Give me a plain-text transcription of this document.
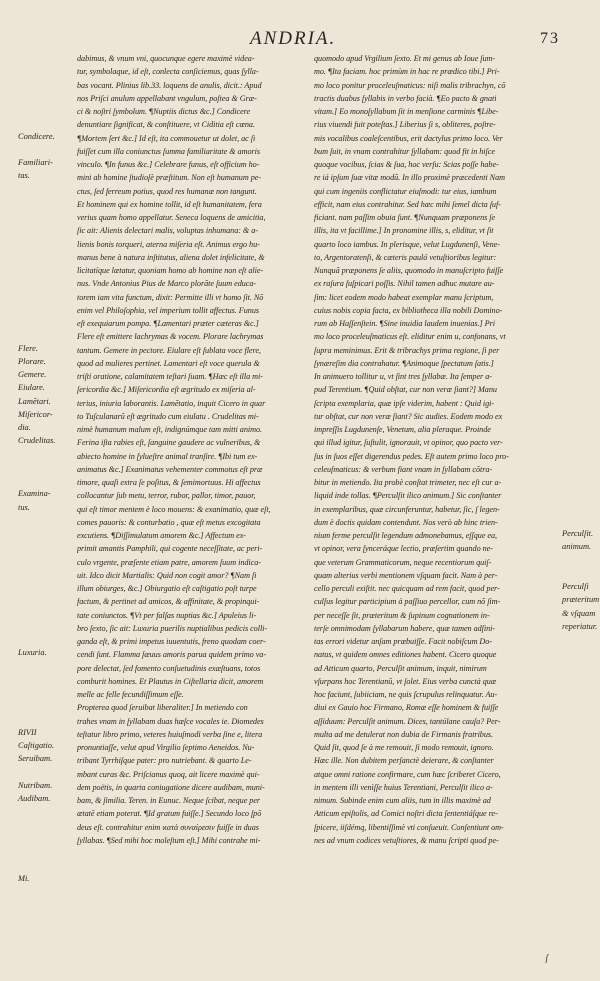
ANDRIA.	73
Condicere.
Familiari-
tas.
Flere.
Plorare.
Gemere.
Eiulare.
Lamẽtari.
Miſericor-
dia.
Crudelitas.
Examina-
tus.
Luxuria.
RIVII
Caſtigatio.
Seruibam.
Nutribam.
Audibam.
Mi.
dabimus, & vnum vni, quocunque egere maximè videa-
tur, symbolaque, id eſt, conlecta conſiciemus, quas ſylla-
bas vocant. Plinius lib.33. loquens de anulis, dicit.: Apud
nos Priſci anulum appellabant vngulum, poſtea & Græ-
ci & noſtri ſymbolum. ¶Nuptiis dictus &c.] Condicere
denuntiare ſignificat, & conſtituere, vt Ciditia eſt cœna.
¶Mortem ſert &c.] Id eſt, ita commouetur ut dolet, ac ſi
fuiſſet cum illa coniunctus ſumma familiaritate & amoris
vinculo. ¶In funus &c.] Celebrare funus, eſt officium ho-
mini ab homine ſtudioſè præſtitum. Non eſt humanum pe-
ctus, ſed ferreum potius, quod res humanæ non tangunt.
Et hominem qui ex homine tollit, id eſt humanitatem, fera
verius quam homo appellatur. Seneca loquens de amicitia,
ſic ait: Alienis delectari malis, voluptas inhumana: & a-
lienis bonis torqueri, aterna miſeria eſt. Animus ergo hu-
manus bene à natura inſtitutus, aliena dolet infelicitate, &
lìcitatíque lætatur, quoniam homo ab homine non eſt alie-
nus. Vnde Antonius Pius de Marco plorãte ſuum educa-
torem iam vita functum, dixit: Permitte illi vt homo ſit. Nõ
enim vel Philoſophia, vel imperium tollit affectus. Funus
eſt exequiarum pompa. ¶Lamentari præter cæteras &c.]
Flere eſt emittere lachrymas & vocem. Plorare lachrymas
tantum. Gemere in pectore. Eiulare eſt ſublata voce flere,
quod ad mulieres pertinet. Lamentari eſt voce querula &
triſti oratione, calamitatem teſtari ſuam. ¶Hæc eſt illa mi-
ſericordia &c.] Miſericordia eſt ægritudo ex miſeria al-
terius, iniuria laborantis. Lamẽtatio, inquit Cicero in quar
to Tuſculanarũ eſt ægritudo cum eiulatu . Crudelitas mi-
nimè humanum malum eſt, indignúmque tam mitti animo.
Ferina iſta rabies eſt, ſanguine gaudere ac vulneribus, &
abiecto homine in ſylueſtre animal tranſire. ¶Ibi tum ex-
animatus &c.] Exanimatus vehementer commotus eſt præ
timore, quaſi extra ſe poſitus, & ſemimortuus. Hi affectus
collocantur ſub metu, terror, rubor, pallor, timor, pauor,
qui eſt timor mentem è loco mouens: & exanimatio, quæ eſt,
comes pauoris: & conturbatio , quæ eſt metus excogitata
excutiens. ¶Diſſimulatum amorem &c.] Affectum ex-
primit amantis Pamphili, qui cogente neceſſitate, ac peri-
culo vrgente, præſente etiam patre, amorem ſuum indica-
uit. Idco dicit Martialis: Quid non cogit amor? ¶Nam ſi
illum obiurges, &c.] Obiurgatio eſt caſtigatio poſt turpe
factum, & pertinet ad amicos, & affinitate, & propinqui-
tate coniunctos. ¶Vt per falſas nuptias &c.] Apuleius li-
bro ſexto, ſic ait: Luxuria puerilis nuptialibus pedicis colli-
ganda eſt, & primi impetus iuuentutis, freno quodam coer-
cendi ſunt. Flamma ſæuus amoris parua quidem primo va-
pore delectat, ſed fomento conſuetudinis exæſtuans, totos
comburit homines. Et Plautus in Ciſtellaria dicit, amorem
melle ac felle fecundiſſimum eſſe.
Propterea quod ſeruibat liberaliter.] In metiendo con
trahes vnam in ſyllabam duas hæſce vocales ie. Diomedes
teſtatur libro primo, veteres huiuſmodi verba ſine e, litera
pronuntiaſſe, velut apud Virgilio ſeptimo Aeneidos. Nu-
tribant Tyrrhiſque pater: pro nutriebant. & quarto Le-
mbant curas &c. Priſcianus quoq, ait licere maximè qui-
dem poëtis, in quarta coniugatione dicere audibam, muni-
bam, & ſimilia. Teren. in Eunuc. Neque ſcibat, neque per
ætatē etiam poterat. ¶Id gratum fuiſſe.] Secundo loco ſpõ
deus eſt. contrahitur enim ϰατὰ συναίρεσιν fuiſſe in duas
ſyllabas. ¶Sed mihi hoc moleſtum eſt.] Mihi contrahe mi-
quomodo apud Vrgilium ſexto. Et mi genus ab Ioue ſum-
mo. ¶Ita faciam. hoc primùm in hac re prædico tibi.] Pri-
mo loco ponitur proceleuſmaticus: niſi malis tribrachyn, cõ
tractis duabus ſyllabis in verbo facià. ¶Eo pacto & gnati
vitam.] Eo monoſyllabum ſit in menſione carminis ¶Libe-
rius viuendi fuit poteſtas.] Liberius ſi s, obliteres, poſtre-
mis vocalibus coaleſcentibus, erit dactylus primo loco. Ver
bum ſuit, in vnam contrahitur ſyllabam: quod fit in hiſce
quoque vocibus, ſcias & ſua, hoc verſu: Scias poſſe habe-
re iá ipſum ſuæ vitæ modũ. In illo proximè præcedenti Nam
qui cum ingeniis conflictatur eiuſmodi: tur eius, iambum
efficit, nam eius contrahitur. Sed hæc mihi ſemel dicta ſuf-
ficiant. nam paſſim obuia ſunt. ¶Nunquam præponens ſe
illis, ita vt facillime.] In pronomine illis, s, eliditur, vt ſit
quarto loco iambus. In plerisque, velut Lugdunenſi, Vene-
to, Argentoratenſi, & cæteris pauló vetuſtioribus legitur:
Nunquã præponens ſe aliis, quomodo in manuſcripto fuiſſe
ex raſura ſuſpicari poſſis. Nihil tamen adhuc mutare au-
ſim: licet eodem modo habeat exemplar manu ſcriptum,
cuius nobis copia facta, ex bibliotheca illa nobili Domino-
rum ab Haſſenſtein. ¶Sine inuidia laudem inuenias.] Pri
mo loco proceleuſmaticus eſt. eliditur enim u, confonans, vt
ſupra meminimus. Erit & tribrachys prima regione, ſi per
ſynæreſim dia contrahatur. ¶Animoque ſpectatum ſatis.]
In animuero tollitur u, vt ſint tres ſyllabæ. Ita ſemper a-
pud Terentium. ¶Quid obſtat, cur non veræ ſiant?] Manu
ſcripta exemplaria, quæ ipſe viderim, habent : Quid igi-
tur obſtat, cur non veræ ſiant? Sic audies. Eodem modo ex
impreſſis Lugdunenſe, Venetum, alia pleraque. Proinde
qui illud igitur, ſuſtulit, ignorauit, vt opinor, quo pacto ver-
ſus in ſuos eſſet digerendus pedes. Eſt autem primo loco pro-
celeuſmaticus: & verbum fiant vnam in ſyllabam cõtra-
bitur in metiendo. Ita probè conſtat trimeter, nec eſt cur a-
liquid inde tollas. ¶Perculſit ilico animum.] Sic conſtanter
in exemplaribus, quæ circunferuntur, habetur, ſic, ſ legen-
dum è doctis quidam contendunt. Nos verò ab hinc trien-
nium ferme perculſit legendum admonebamus, eſſque ea,
vt opinor, vera ſynceráque lectio, præſertim quando ne-
que veterum Grammaticorum, neque recentiorum quiſ-
quam alterius verbi mentionem vſquam facit. Nam à per-
cello perculi exiſtit. nec quicquam ad rem facit, quod per-
culſus legitur participium à paſſiuo percellor, cum nõ ſim-
per neceſſe ſit, præteritum & ſupinum cognationem in-
terſe omnimodam ſyllabarum habere, quæ tamen adſini-
tas errori videtur anſam præbuiſſe. Facit nobiſcum Do-
natus, vt quidem omnes editiones habent. Cicero quoque
ad Atticum quarto, Perculſit animum, inquit, nimirum
vſurpans hoc Terentianũ, vt ſolet. Eius verba cunctà quæ
hoc faciunt, ſubiiciam, ne quis ſcrupulus relinquatur. Au-
diui ex Gauio hoc Firmano, Romæ eſſe hominem & fuiſſe
aſſiduum: Perculſit animum. Dices, tantúlane cauſa? Per-
multa ad me detulerat non dubia de Firmanis fratribus.
Quid ſit, quod ſe à me remouit, ſi modo remouit, ignoro.
Hæc ille. Non dubitem perſanctè deierare, & conſtanter
atque omni ratione confirmare, cum hæc ſcriberet Cicero,
in mentem illi venìſſe huius Terentiani, Perculſit ilico a-
nimum. Subinde enim cum aliis, tum in illis maximè ad
Atticum epiſtolis, ad Comici noſtri dicta ſententiáſque re-
ſpicere, iiſdémq, libentiſſimè vti conſueuit. Conſentiunt om-
nes ad vnum codices vetuſtiores, & manu ſcripti quod pe-
Perculſit.
animum.
Perculſi
præteritum
& vſquam
reperiatur.
ſ
